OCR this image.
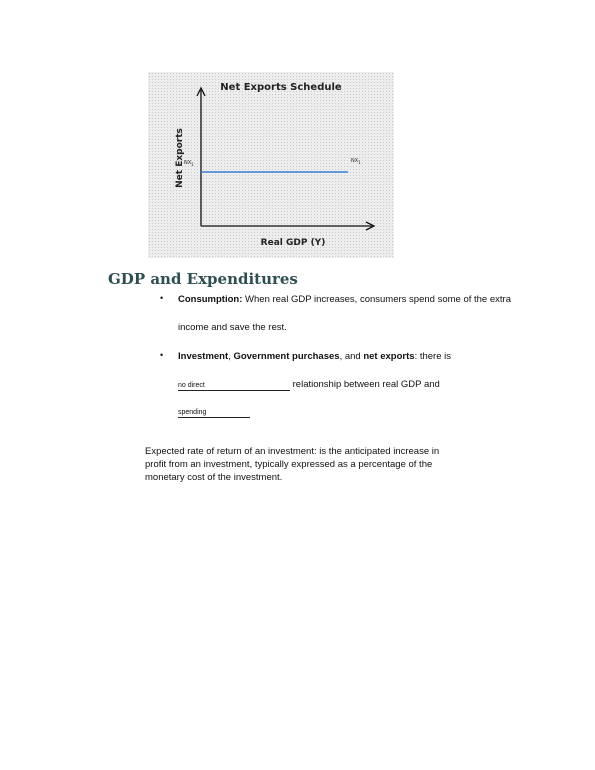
Net Exports Schedule
Net Exports
Real GDP (Y)
$NX_1$
$NX_1$
GDP and Expenditures
• Consumption: When real GDP increases, consumers spend some of the extra
income and save the rest.
• Investment, Government purchases, and net exports: there is
no direct	relationship between real GDP and
spending
Expected rate of return of an investment: is the anticipated increase in
profit from an investment, typically expressed as a percentage of the
monetary cost of the investment.
